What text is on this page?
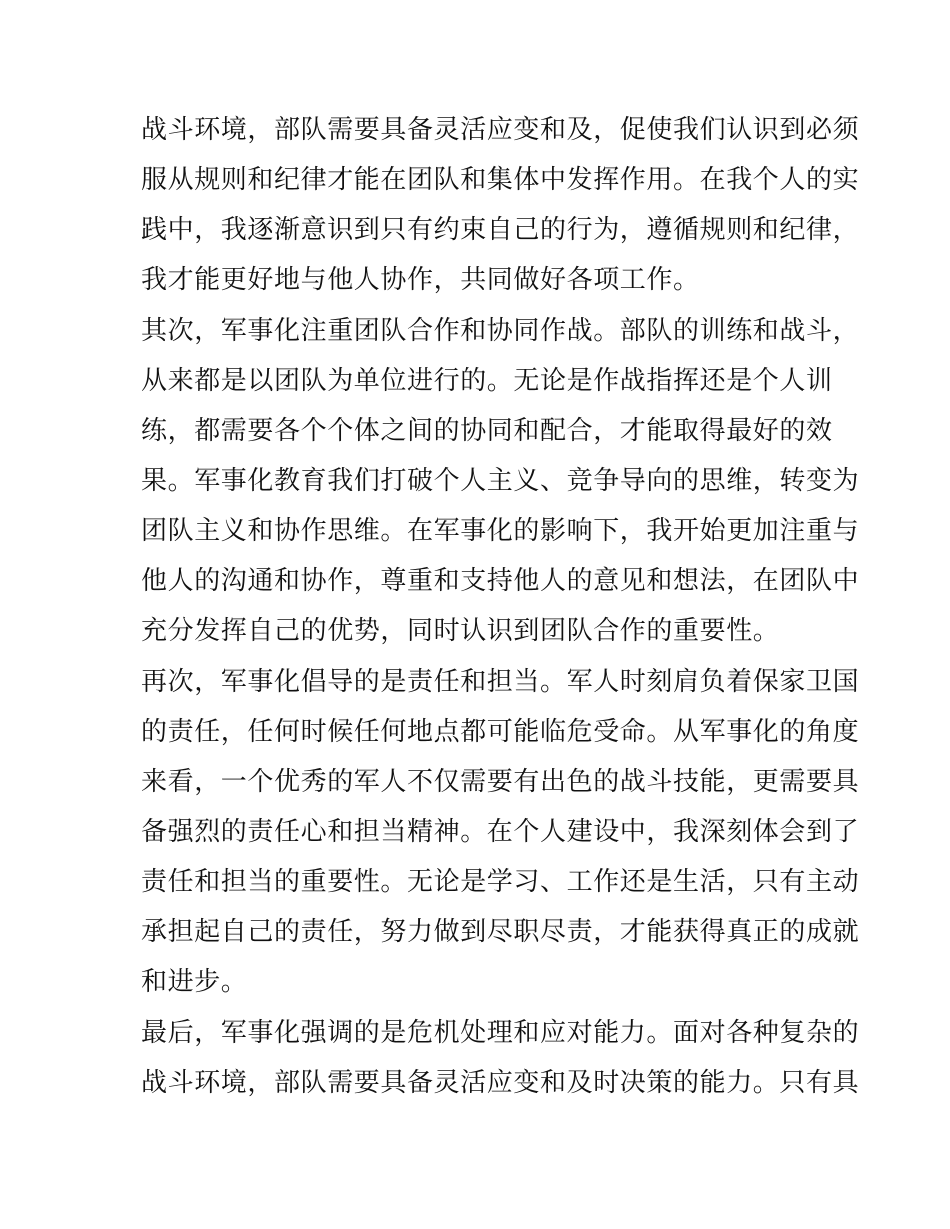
战斗环境，部队需要具备灵活应变和及，促使我们认识到必须
服从规则和纪律才能在团队和集体中发挥作用。在我个人的实
践中，我逐渐意识到只有约束自己的行为，遵循规则和纪律，
我才能更好地与他人协作，共同做好各项工作。
其次，军事化注重团队合作和协同作战。部队的训练和战斗，
从来都是以团队为单位进行的。无论是作战指挥还是个人训
练，都需要各个个体之间的协同和配合，才能取得最好的效
果。军事化教育我们打破个人主义、竞争导向的思维，转变为
团队主义和协作思维。在军事化的影响下，我开始更加注重与
他人的沟通和协作，尊重和支持他人的意见和想法，在团队中
充分发挥自己的优势，同时认识到团队合作的重要性。
再次，军事化倡导的是责任和担当。军人时刻肩负着保家卫国
的责任，任何时候任何地点都可能临危受命。从军事化的角度
来看，一个优秀的军人不仅需要有出色的战斗技能，更需要具
备强烈的责任心和担当精神。在个人建设中，我深刻体会到了
责任和担当的重要性。无论是学习、工作还是生活，只有主动
承担起自己的责任，努力做到尽职尽责，才能获得真正的成就
和进步。
最后，军事化强调的是危机处理和应对能力。面对各种复杂的
战斗环境，部队需要具备灵活应变和及时决策的能力。只有具
